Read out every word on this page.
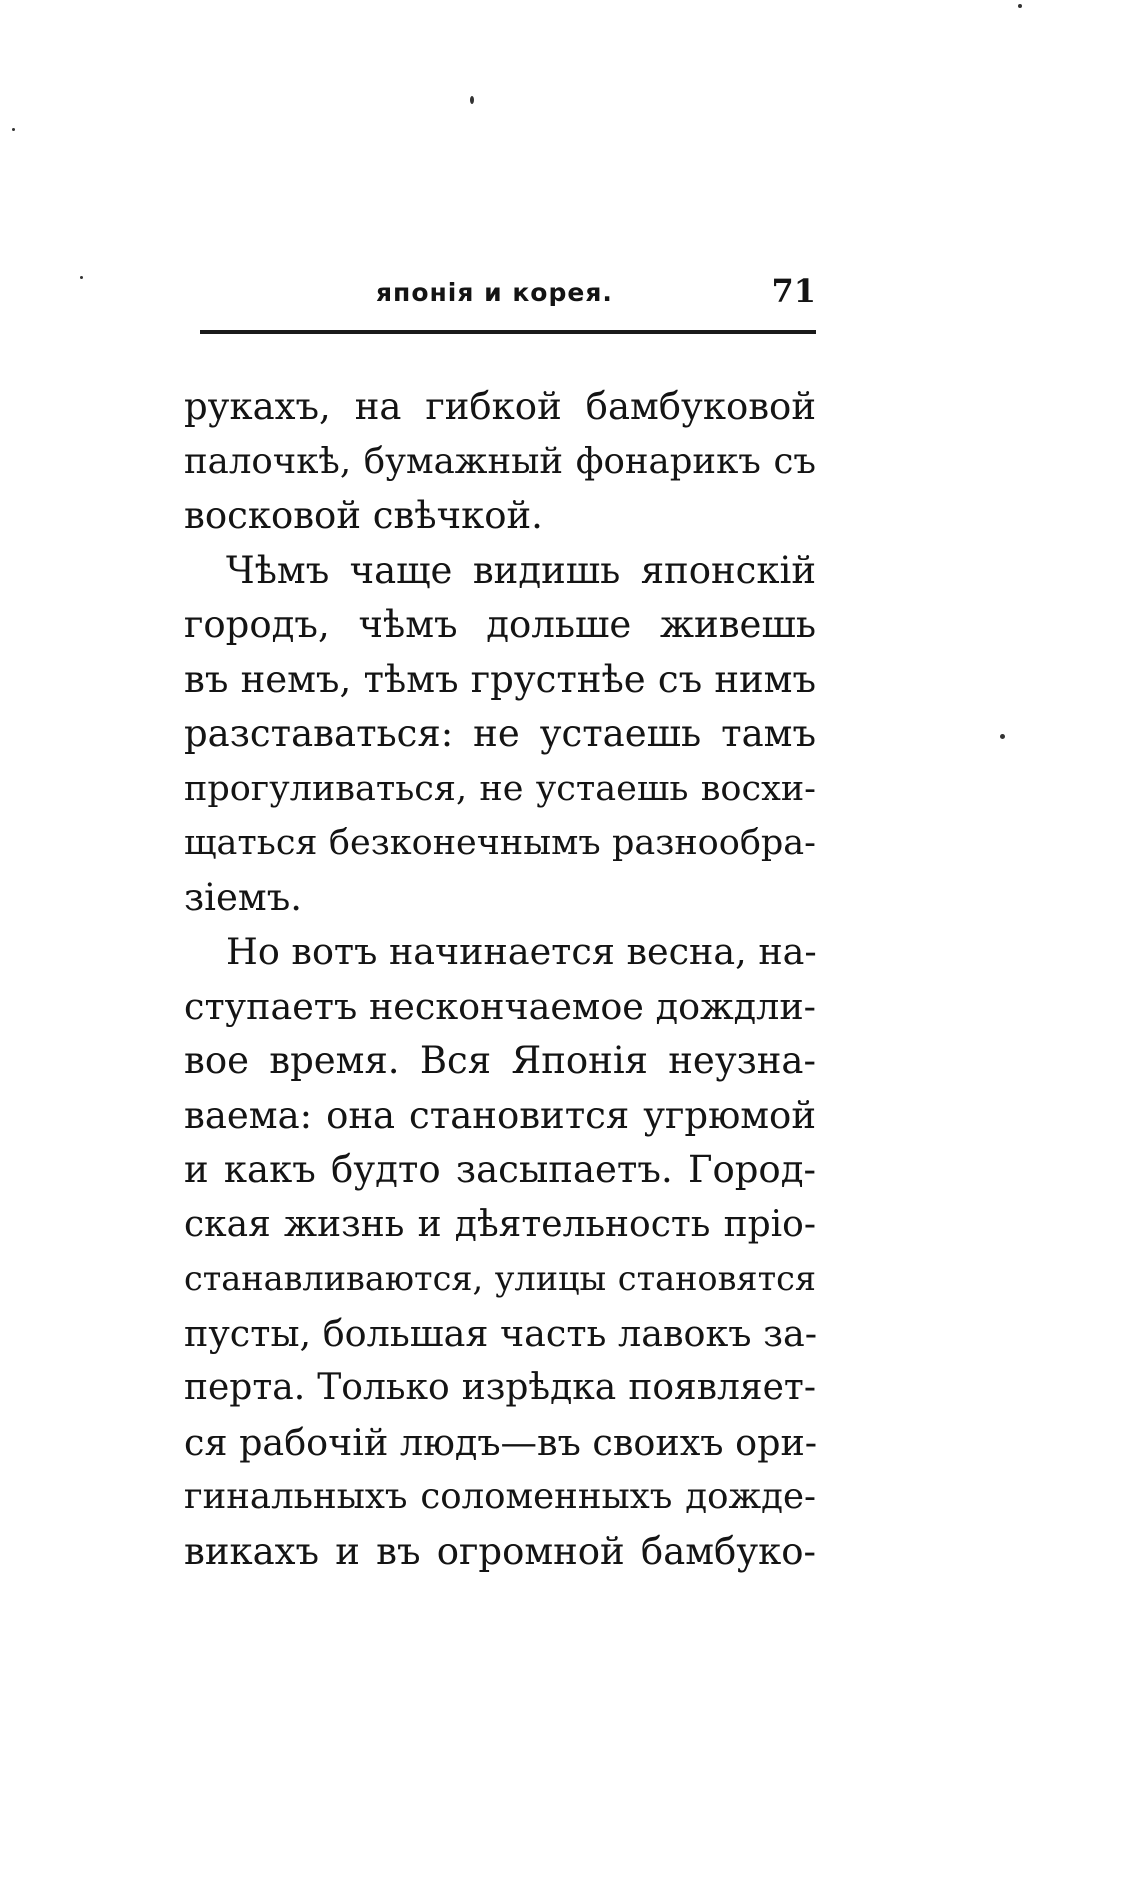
японія и корея.	71
рукахъ, на гибкой бамбуковой
палочкѣ, бумажный фонарикъ съ
восковой свѣчкой.
Чѣмъ чаще видишь японскій
городъ, чѣмъ дольше живешь
въ немъ, тѣмъ грустнѣе съ нимъ
разставаться: не устаешь тамъ
прогуливаться, не устаешь восхи-
щаться безконечнымъ разнообра-
зіемъ.
Но вотъ начинается весна, на-
ступаетъ нескончаемое дождли-
вое время. Вся Японія неузна-
ваема: она становится угрюмой
и какъ будто засыпаетъ. Город-
ская жизнь и дѣятельность пріо-
станавливаются, улицы становятся
пусты, большая часть лавокъ за-
перта. Только изрѣдка появляет-
ся рабочій людъ—въ своихъ ори-
гинальныхъ соломенныхъ дожде-
викахъ и въ огромной бамбуко-
